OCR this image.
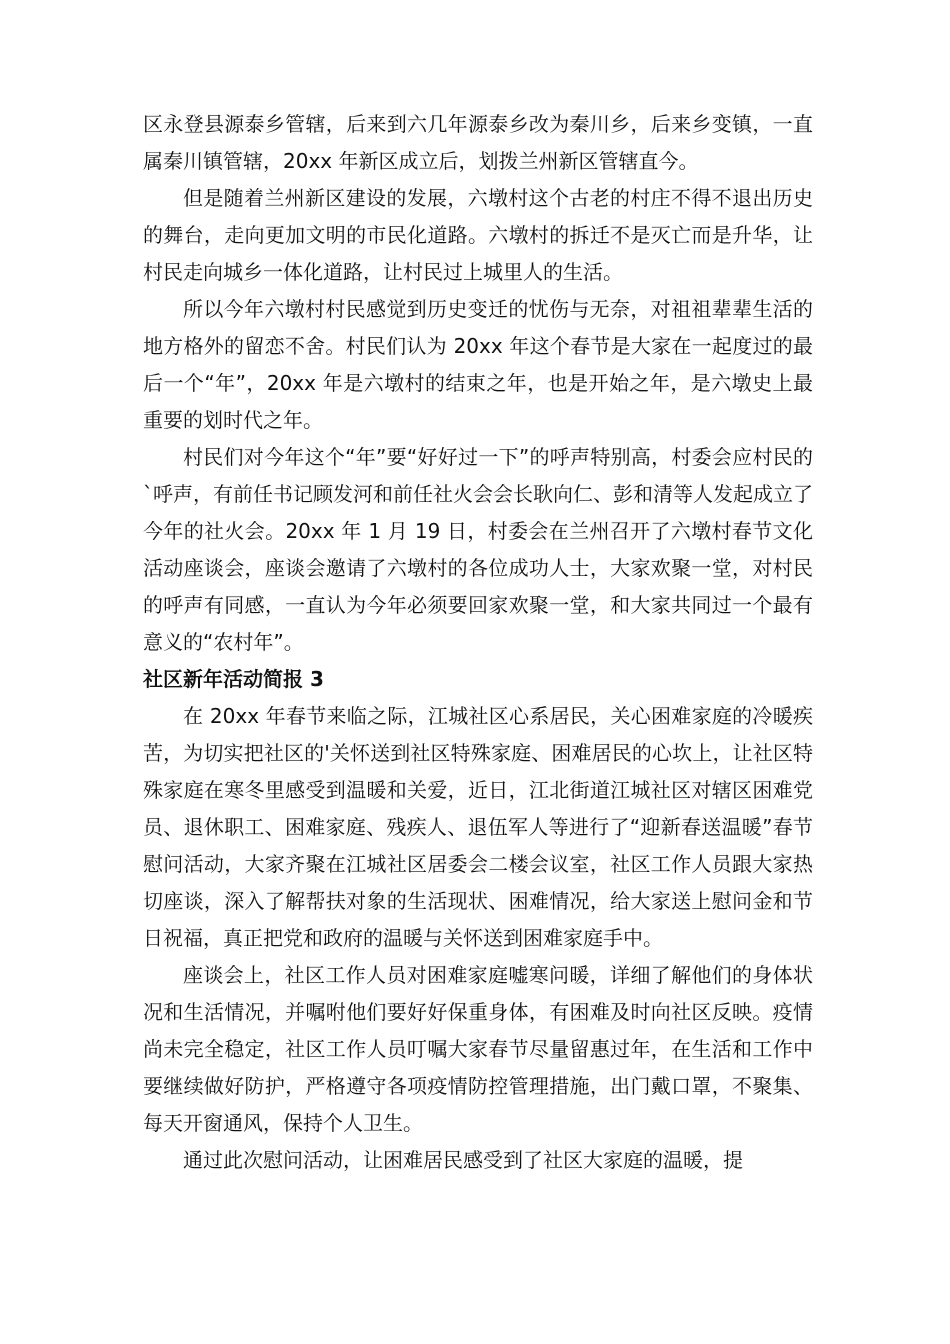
区永登县源泰乡管辖，后来到六几年源泰乡改为秦川乡，后来乡变镇，一直属秦川镇管辖，20xx 年新区成立后，划拨兰州新区管辖直今。

但是随着兰州新区建设的发展，六墩村这个古老的村庄不得不退出历史的舞台，走向更加文明的市民化道路。六墩村的拆迁不是灭亡而是升华，让村民走向城乡一体化道路，让村民过上城里人的生活。

所以今年六墩村村民感觉到历史变迁的忧伤与无奈，对祖祖辈辈生活的地方格外的留恋不舍。村民们认为 20xx 年这个春节是大家在一起度过的最后一个“年”，20xx 年是六墩村的结束之年，也是开始之年，是六墩史上最重要的划时代之年。

村民们对今年这个“年”要“好好过一下”的呼声特别高，村委会应村民的`呼声，有前任书记顾发河和前任社火会会长耿向仁、彭和清等人发起成立了今年的社火会。20xx 年 1 月 19 日，村委会在兰州召开了六墩村春节文化活动座谈会，座谈会邀请了六墩村的各位成功人士，大家欢聚一堂，对村民的呼声有同感，一直认为今年必须要回家欢聚一堂，和大家共同过一个最有意义的“农村年”。

社区新年活动简报 3

在 20xx 年春节来临之际，江城社区心系居民，关心困难家庭的冷暖疾苦，为切实把社区的'关怀送到社区特殊家庭、困难居民的心坎上，让社区特殊家庭在寒冬里感受到温暖和关爱，近日，江北街道江城社区对辖区困难党员、退休职工、困难家庭、残疾人、退伍军人等进行了“迎新春送温暖”春节慰问活动，大家齐聚在江城社区居委会二楼会议室，社区工作人员跟大家热切座谈，深入了解帮扶对象的生活现状、困难情况，给大家送上慰问金和节日祝福，真正把党和政府的温暖与关怀送到困难家庭手中。

座谈会上，社区工作人员对困难家庭嘘寒问暖，详细了解他们的身体状况和生活情况，并嘱咐他们要好好保重身体，有困难及时向社区反映。疫情尚未完全稳定，社区工作人员叮嘱大家春节尽量留惠过年，在生活和工作中要继续做好防护，严格遵守各项疫情防控管理措施，出门戴口罩，不聚集、每天开窗通风，保持个人卫生。

通过此次慰问活动，让困难居民感受到了社区大家庭的温暖，提
